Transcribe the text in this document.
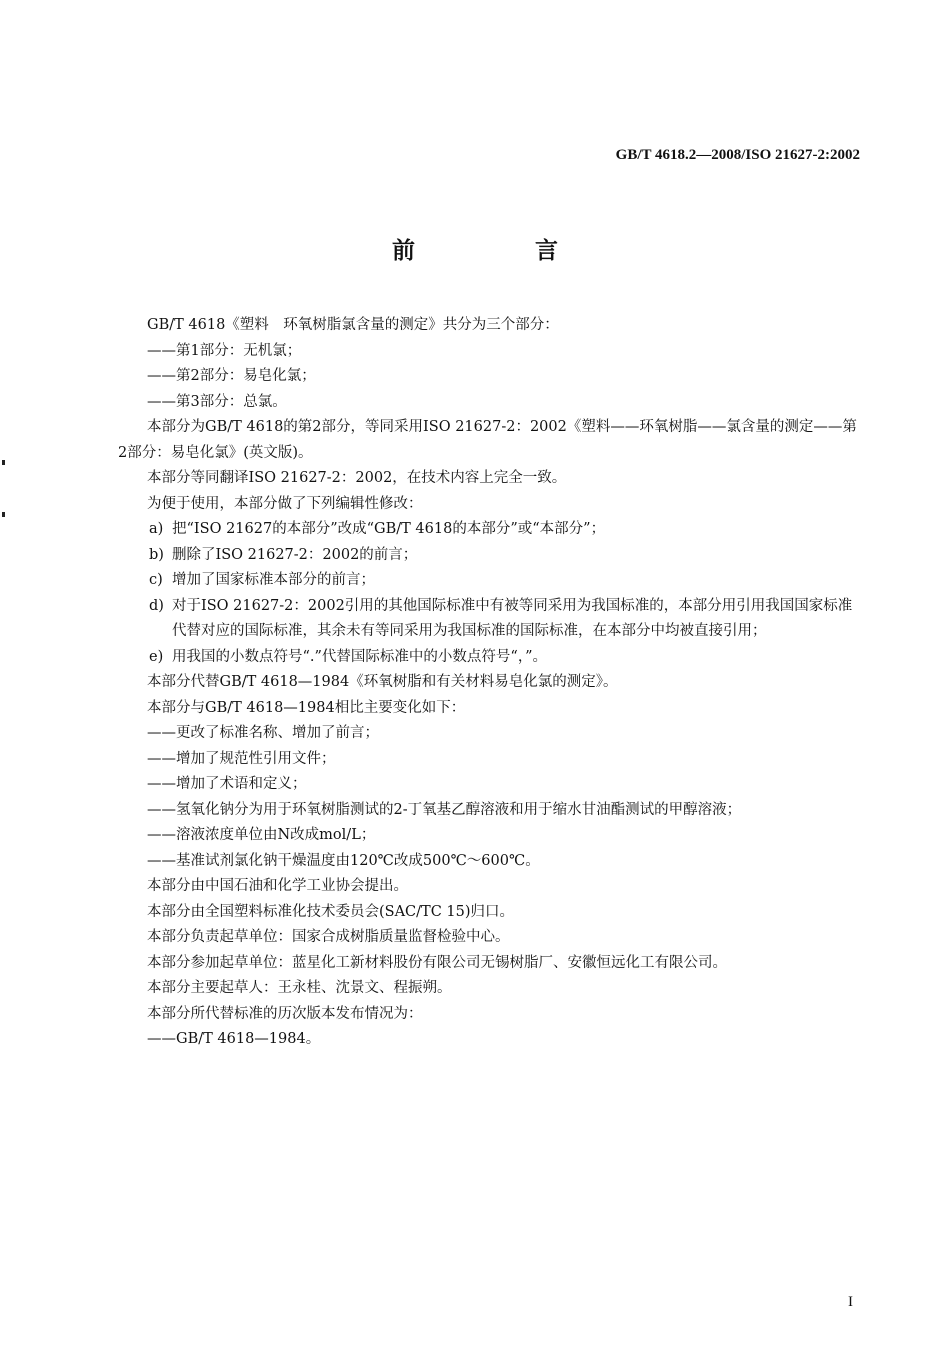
GB/T 4618.2—2008/ISO 21627-2:2002
前 言

GB/T 4618《塑料　环氧树脂氯含量的测定》共分为三个部分：

——第1部分：无机氯；

——第2部分：易皂化氯；

——第3部分：总氯。

本部分为GB/T 4618的第2部分，等同采用ISO 21627-2：2002《塑料——环氧树脂——氯含量的测定——第2部分：易皂化氯》(英文版)。

本部分等同翻译ISO 21627-2：2002，在技术内容上完全一致。

为便于使用，本部分做了下列编辑性修改：

a) 把“ISO 21627的本部分”改成“GB/T 4618的本部分”或“本部分”；

b) 删除了ISO 21627-2：2002的前言；

c) 增加了国家标准本部分的前言；

d) 对于ISO 21627-2：2002引用的其他国际标准中有被等同采用为我国标准的，本部分用引用我国国家标准代替对应的国际标准，其余未有等同采用为我国标准的国际标准，在本部分中均被直接引用；

e) 用我国的小数点符号“.”代替国际标准中的小数点符号“，”。

本部分代替GB/T 4618—1984《环氧树脂和有关材料易皂化氯的测定》。

本部分与GB/T 4618—1984相比主要变化如下：

——更改了标准名称、增加了前言；

——增加了规范性引用文件；

——增加了术语和定义；

——氢氧化钠分为用于环氧树脂测试的2-丁氧基乙醇溶液和用于缩水甘油酯测试的甲醇溶液；

——溶液浓度单位由N改成mol/L；

——基准试剂氯化钠干燥温度由120℃改成500℃～600℃。

本部分由中国石油和化学工业协会提出。

本部分由全国塑料标准化技术委员会(SAC/TC 15)归口。

本部分负责起草单位：国家合成树脂质量监督检验中心。

本部分参加起草单位：蓝星化工新材料股份有限公司无锡树脂厂、安徽恒远化工有限公司。

本部分主要起草人：王永桂、沈景文、程振朔。

本部分所代替标准的历次版本发布情况为：

——GB/T 4618—1984。

I
